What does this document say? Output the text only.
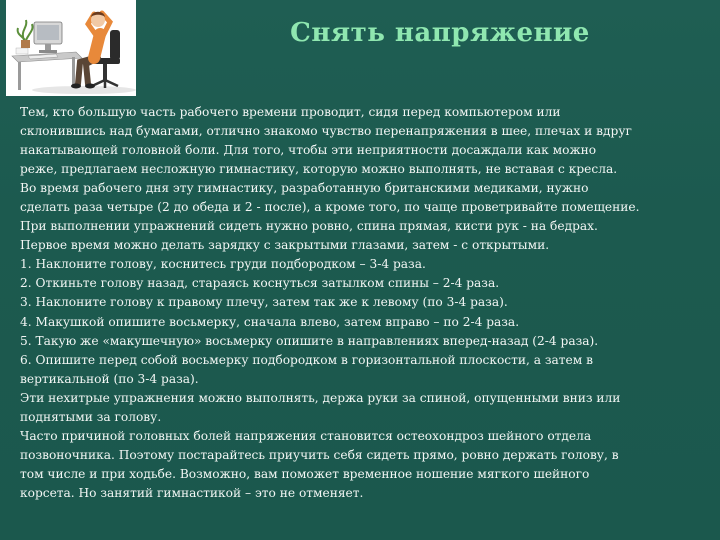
Снять напряжение
Тем, кто большую часть рабочего времени проводит, сидя перед компьютером или
склонившись над бумагами, отлично знакомо чувство перенапряжения в шее, плечах и вдруг
накатывающей головной боли. Для того, чтобы эти неприятности досаждали как можно
реже, предлагаем несложную гимнастику, которую можно выполнять, не вставая с кресла.
Во время рабочего дня эту гимнастику, разработанную британскими медиками, нужно
сделать раза четыре (2 до обеда и 2 - после), а кроме того, по чаще проветривайте помещение.
При выполнении упражнений сидеть нужно ровно, спина прямая, кисти рук - на бедрах.
Первое время можно делать зарядку с закрытыми глазами, затем - с открытыми.
1. Наклоните голову, коснитесь груди подбородком – 3-4 раза.
2. Откиньте голову назад, стараясь коснуться затылком спины – 2-4 раза.
3. Наклоните голову к правому плечу, затем так же к левому (по 3-4 раза).
4. Макушкой опишите восьмерку, сначала влево, затем вправо – по 2-4 раза.
5. Такую же «макушечную» восьмерку опишите в направлениях вперед-назад (2-4 раза).
6. Опишите перед собой восьмерку подбородком в горизонтальной плоскости, а затем в
вертикальной (по 3-4 раза).
Эти нехитрые упражнения можно выполнять, держа руки за спиной, опущенными вниз или
поднятыми за голову.
Часто причиной головных болей напряжения становится остеохондроз шейного отдела
позвоночника. Поэтому постарайтесь приучить себя сидеть прямо, ровно держать голову, в
том числе и при ходьбе. Возможно, вам поможет временное ношение мягкого шейного
корсета. Но занятий гимнастикой – это не отменяет.
